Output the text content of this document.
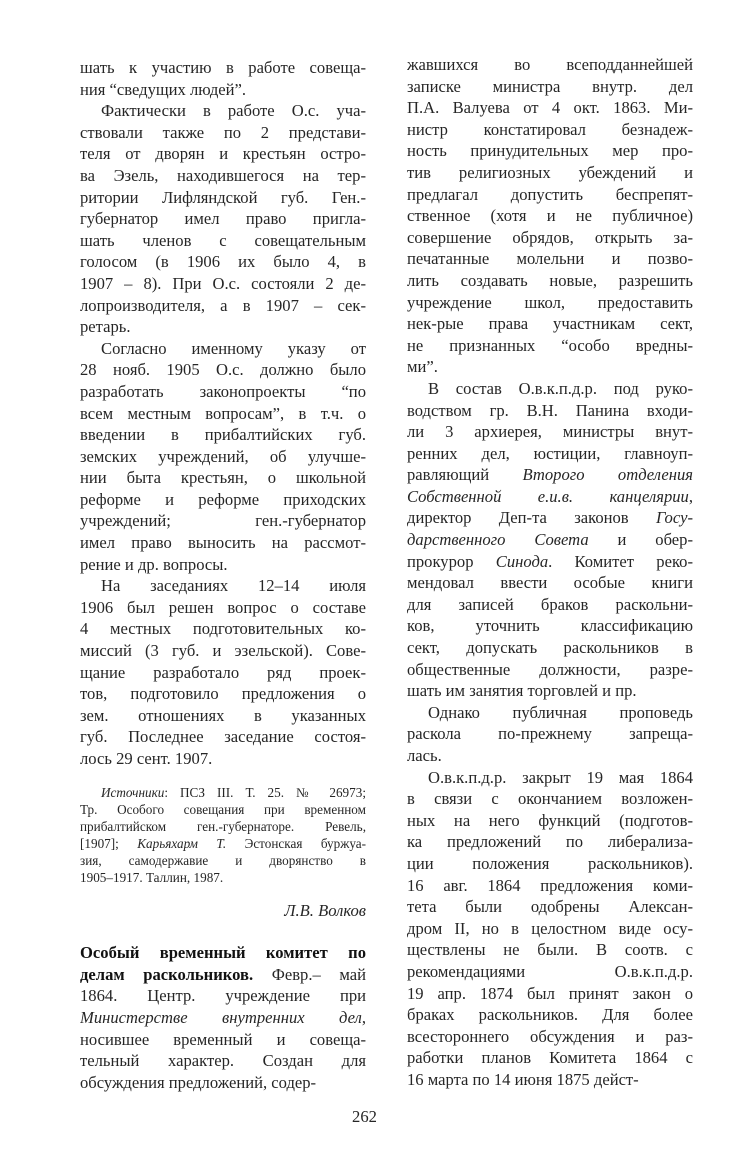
шать к участию в работе совеща-
ния “сведущих людей”.
Фактически в работе О.с. уча-
ствовали также по 2 представи-
теля от дворян и крестьян остро-
ва Эзель, находившегося на тер-
ритории Лифляндской губ. Ген.-
губернатор имел право пригла-
шать членов с совещательным
голосом (в 1906 их было 4, в
1907 – 8). При О.с. состояли 2 де-
лопроизводителя, а в 1907 – сек-
ретарь.
Согласно именному указу от
28 нояб. 1905 О.с. должно было
разработать законопроекты “по
всем местным вопросам”, в т.ч. о
введении в прибалтийских губ.
земских учреждений, об улучше-
нии быта крестьян, о школьной
реформе и реформе приходских
учреждений; ген.-губернатор
имел право выносить на рассмот-
рение и др. вопросы.
На заседаниях 12–14 июля
1906 был решен вопрос о составе
4 местных подготовительных ко-
миссий (3 губ. и эзельской). Сове-
щание разработало ряд проек-
тов, подготовило предложения о
зем. отношениях в указанных
губ. Последнее заседание состоя-
лось 29 сент. 1907.
Источники: ПСЗ III. Т. 25. № 26973;
Тр. Особого совещания при временном
прибалтийском ген.-губернаторе. Ревель,
[1907]; Карьяхарм Т. Эстонская буржуа-
зия, самодержавие и дворянство в
1905–1917. Таллин, 1987.
Л.В. Волков
Особый временный комитет по
делам раскольников. Февр.– май
1864. Центр. учреждение при
Министерстве внутренних дел,
носившее временный и совеща-
тельный характер. Создан для
обсуждения предложений, содер-
жавшихся во всеподданнейшей
записке министра внутр. дел
П.А. Валуева от 4 окт. 1863. Ми-
нистр констатировал безнадеж-
ность принудительных мер про-
тив религиозных убеждений и
предлагал допустить беспрепят-
ственное (хотя и не публичное)
совершение обрядов, открыть за-
печатанные молельни и позво-
лить создавать новые, разрешить
учреждение школ, предоставить
нек-рые права участникам сект,
не признанных “особо вредны-
ми”.
В состав О.в.к.п.д.р. под руко-
водством гр. В.Н. Панина входи-
ли 3 архиерея, министры внут-
ренних дел, юстиции, главноуп-
равляющий Второго отделения
Собственной е.и.в. канцелярии,
директор Деп-та законов Госу-
дарственного Совета и обер-
прокурор Синода. Комитет реко-
мендовал ввести особые книги
для записей браков раскольни-
ков, уточнить классификацию
сект, допускать раскольников в
общественные должности, разре-
шать им занятия торговлей и пр.
Однако публичная проповедь
раскола по-прежнему запреща-
лась.
О.в.к.п.д.р. закрыт 19 мая 1864
в связи с окончанием возложен-
ных на него функций (подготов-
ка предложений по либерализа-
ции положения раскольников).
16 авг. 1864 предложения коми-
тета были одобрены Алексан-
дром II, но в целостном виде осу-
ществлены не были. В соотв. с
рекомендациями О.в.к.п.д.р.
19 апр. 1874 был принят закон о
браках раскольников. Для более
всестороннего обсуждения и раз-
работки планов Комитета 1864 с
16 марта по 14 июня 1875 дейст-
262
